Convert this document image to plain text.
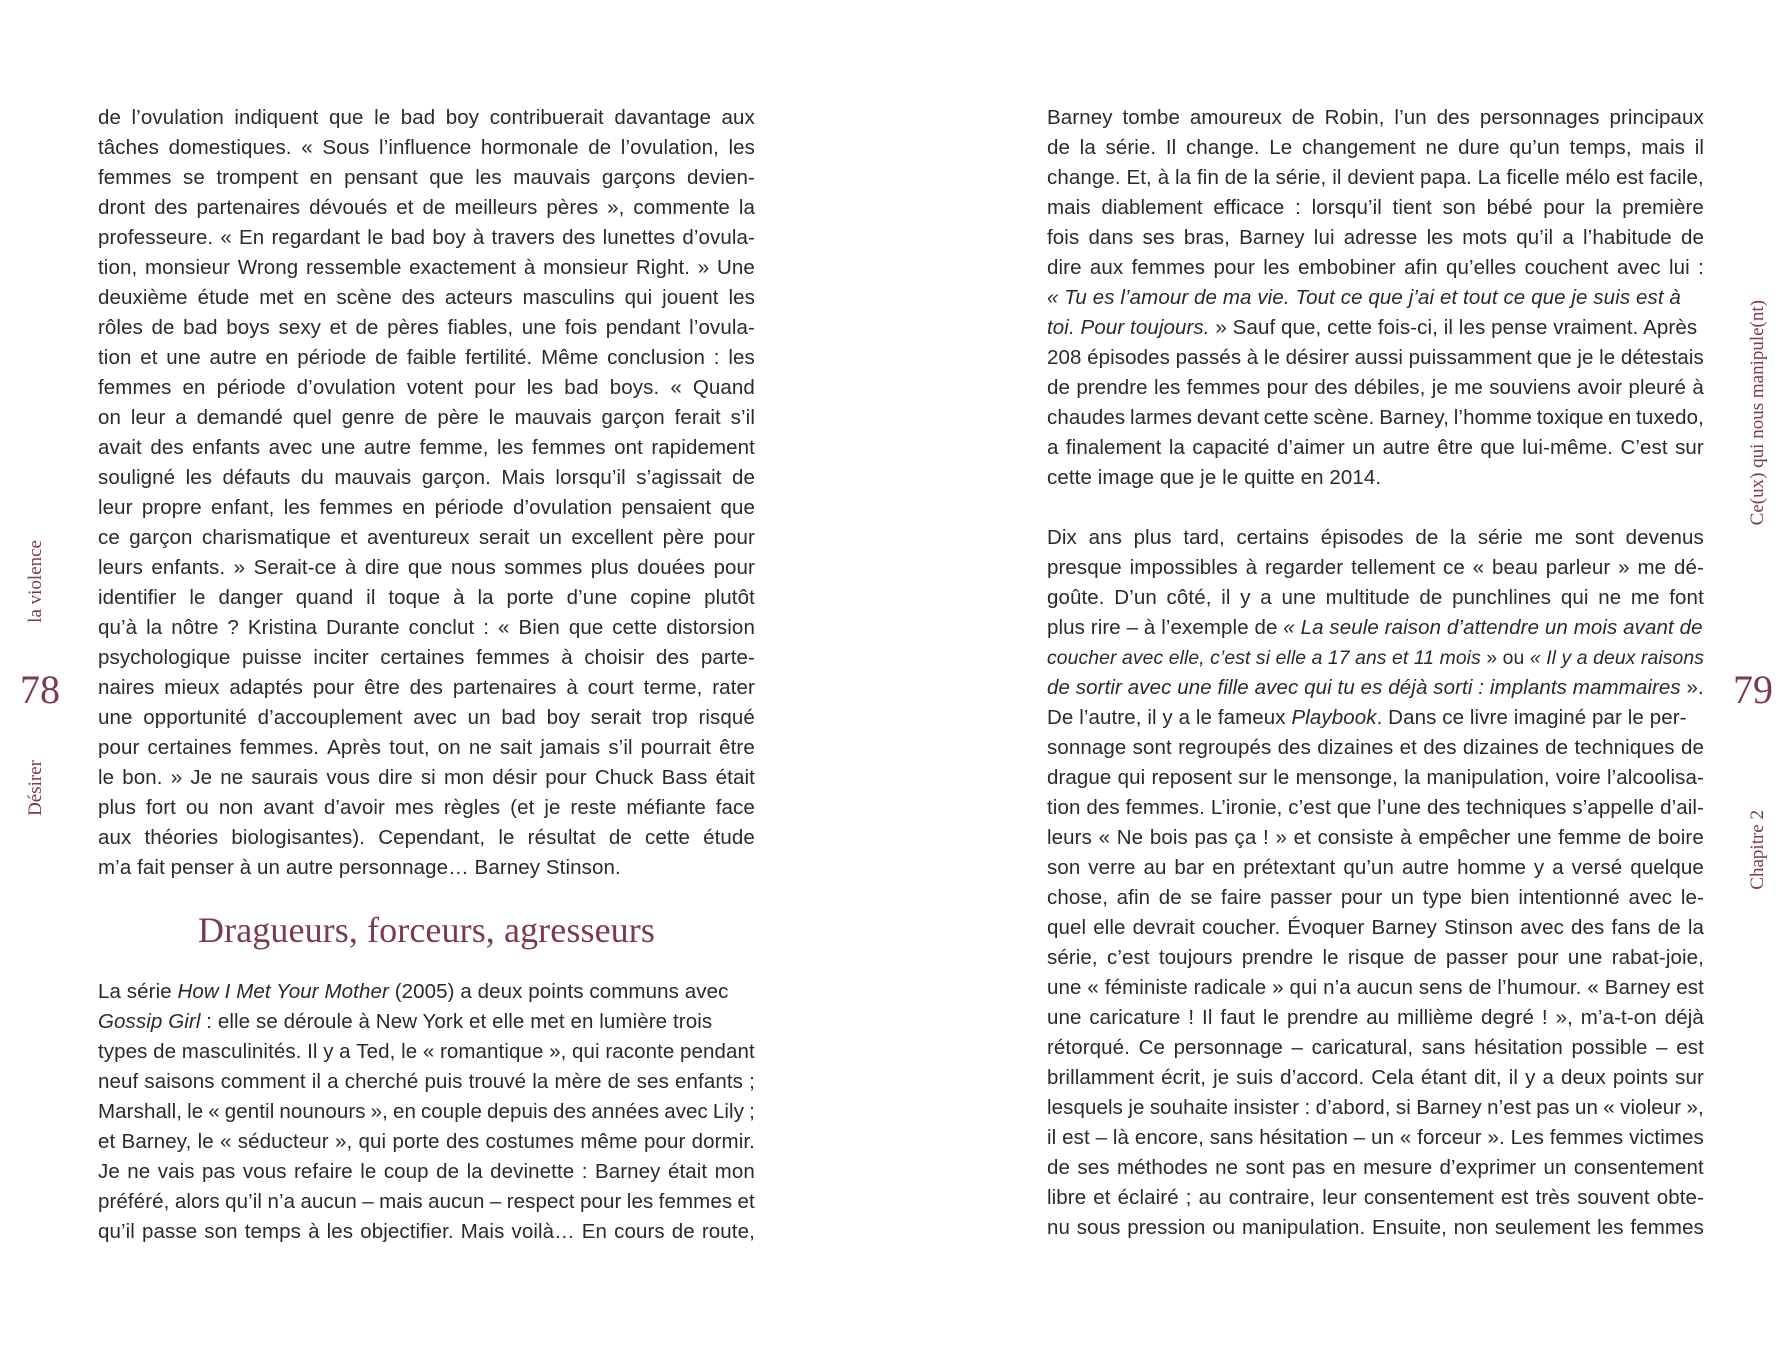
la violence
78
Désirer
de l’ovulation indiquent que le bad boy contribuerait davantage aux
tâches domestiques. « Sous l’influence hormonale de l’ovulation, les
femmes se trompent en pensant que les mauvais garçons devien-
dront des partenaires dévoués et de meilleurs pères », commente la
professeure. « En regardant le bad boy à travers des lunettes d’ovula-
tion, monsieur Wrong ressemble exactement à monsieur Right. » Une
deuxième étude met en scène des acteurs masculins qui jouent les
rôles de bad boys sexy et de pères fiables, une fois pendant l’ovula-
tion et une autre en période de faible fertilité. Même conclusion : les
femmes en période d’ovulation votent pour les bad boys. « Quand
on leur a demandé quel genre de père le mauvais garçon ferait s’il
avait des enfants avec une autre femme, les femmes ont rapidement
souligné les défauts du mauvais garçon. Mais lorsqu’il s’agissait de
leur propre enfant, les femmes en période d’ovulation pensaient que
ce garçon charismatique et aventureux serait un excellent père pour
leurs enfants. » Serait-ce à dire que nous sommes plus douées pour
identifier le danger quand il toque à la porte d’une copine plutôt
qu’à la nôtre ? Kristina Durante conclut : « Bien que cette distorsion
psychologique puisse inciter certaines femmes à choisir des parte-
naires mieux adaptés pour être des partenaires à court terme, rater
une opportunité d’accouplement avec un bad boy serait trop risqué
pour certaines femmes. Après tout, on ne sait jamais s’il pourrait être
le bon. » Je ne saurais vous dire si mon désir pour Chuck Bass était
plus fort ou non avant d’avoir mes règles (et je reste méfiante face
aux théories biologisantes). Cependant, le résultat de cette étude
m’a fait penser à un autre personnage… Barney Stinson.
Dragueurs, forceurs, agresseurs
La série How I Met Your Mother (2005) a deux points communs avec
Gossip Girl : elle se déroule à New York et elle met en lumière trois
types de masculinités. Il y a Ted, le « romantique », qui raconte pendant
neuf saisons comment il a cherché puis trouvé la mère de ses enfants ;
Marshall, le « gentil nounours », en couple depuis des années avec Lily ;
et Barney, le « séducteur », qui porte des costumes même pour dormir.
Je ne vais pas vous refaire le coup de la devinette : Barney était mon
préféré, alors qu’il n’a aucun – mais aucun – respect pour les femmes et
qu’il passe son temps à les objectifier. Mais voilà… En cours de route,
Ce(ux) qui nous manipule(nt)
79
Chapitre 2
Barney tombe amoureux de Robin, l’un des personnages principaux
de la série. Il change. Le changement ne dure qu’un temps, mais il
change. Et, à la fin de la série, il devient papa. La ficelle mélo est facile,
mais diablement efficace : lorsqu’il tient son bébé pour la première
fois dans ses bras, Barney lui adresse les mots qu’il a l’habitude de
dire aux femmes pour les embobiner afin qu’elles couchent avec lui :
« Tu es l’amour de ma vie. Tout ce que j’ai et tout ce que je suis est à
toi. Pour toujours. » Sauf que, cette fois-ci, il les pense vraiment. Après
208 épisodes passés à le désirer aussi puissamment que je le détestais
de prendre les femmes pour des débiles, je me souviens avoir pleuré à
chaudes larmes devant cette scène. Barney, l’homme toxique en tuxedo,
a finalement la capacité d’aimer un autre être que lui-même. C’est sur
cette image que je le quitte en 2014.
Dix ans plus tard, certains épisodes de la série me sont devenus
presque impossibles à regarder tellement ce « beau parleur » me dé-
goûte. D’un côté, il y a une multitude de punchlines qui ne me font
plus rire – à l’exemple de « La seule raison d’attendre un mois avant de
coucher avec elle, c’est si elle a 17 ans et 11 mois » ou « Il y a deux raisons
de sortir avec une fille avec qui tu es déjà sorti : implants mammaires ».
De l’autre, il y a le fameux Playbook. Dans ce livre imaginé par le per-
sonnage sont regroupés des dizaines et des dizaines de techniques de
drague qui reposent sur le mensonge, la manipulation, voire l’alcoolisa-
tion des femmes. L’ironie, c’est que l’une des techniques s’appelle d’ail-
leurs « Ne bois pas ça ! » et consiste à empêcher une femme de boire
son verre au bar en prétextant qu’un autre homme y a versé quelque
chose, afin de se faire passer pour un type bien intentionné avec le-
quel elle devrait coucher. Évoquer Barney Stinson avec des fans de la
série, c’est toujours prendre le risque de passer pour une rabat-joie,
une « féministe radicale » qui n’a aucun sens de l’humour. « Barney est
une caricature ! Il faut le prendre au millième degré ! », m’a-t-on déjà
rétorqué. Ce personnage – caricatural, sans hésitation possible – est
brillamment écrit, je suis d’accord. Cela étant dit, il y a deux points sur
lesquels je souhaite insister : d’abord, si Barney n’est pas un « violeur »,
il est – là encore, sans hésitation – un « forceur ». Les femmes victimes
de ses méthodes ne sont pas en mesure d’exprimer un consentement
libre et éclairé ; au contraire, leur consentement est très souvent obte-
nu sous pression ou manipulation. Ensuite, non seulement les femmes
